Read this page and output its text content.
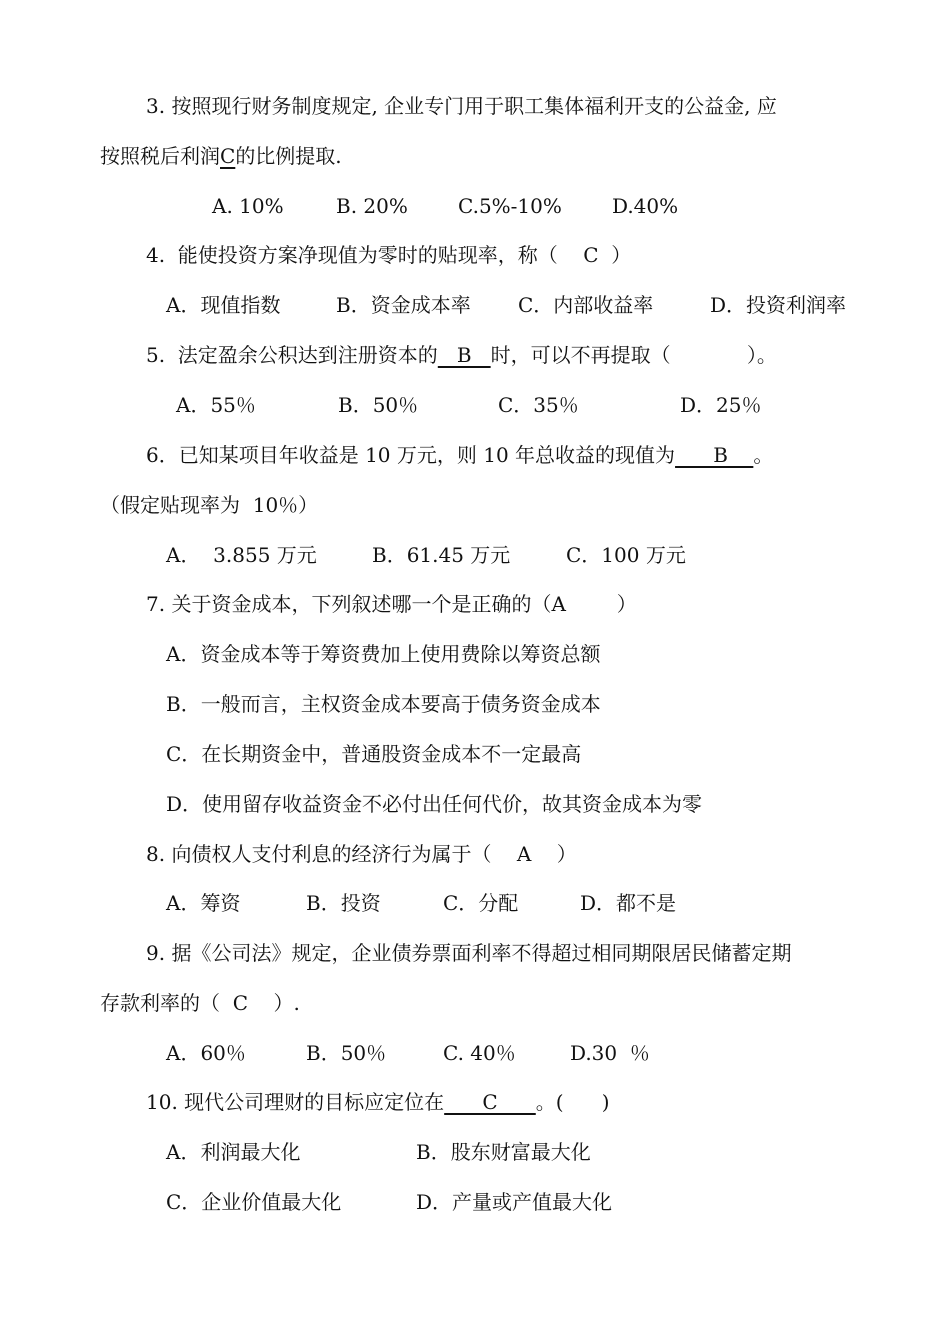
3. 按照现行财务制度规定, 企业专门用于职工集体福利开支的公益金, 应
按照税后利润C的比例提取.
A. 10%	B. 20%	C.5%-10%	D.40%
4.  能使投资方案净现值为零时的贴现率，称（    C  ）
A．现值指数	B．资金成本率 C．内部收益率	D．投资利润率
5.  法定盈余公积达到注册资本的   B   时，可以不再提取（            ）。
A．55％	B．50％	C．35％	D．25％
6．已知某项目年收益是 10 万元，则 10 年总收益的现值为      B    。
（假定贴现率为  10％）
A．  3.855 万元	B．61.45 万元	C．100 万元
7. 关于资金成本，下列叙述哪一个是正确的（A        ）
A．资金成本等于筹资费加上使用费除以筹资总额
B．一般而言，主权资金成本要高于债务资金成本
C．在长期资金中，普通股资金成本不一定最高
D．使用留存收益资金不必付出任何代价，故其资金成本为零
8. 向债权人支付利息的经济行为属于（    A    ）
A．筹资	B．投资	C．分配	D．都不是
9. 据《公司法》规定，企业债券票面利率不得超过相同期限居民储蓄定期
存款利率的（  C    ）.
A．60％	B．50％	C. 40％	D.30  ％
10. 现代公司理财的目标应定位在      C      。(      )
A．利润最大化	B．股东财富最大化
C．企业价值最大化	D．产量或产值最大化
